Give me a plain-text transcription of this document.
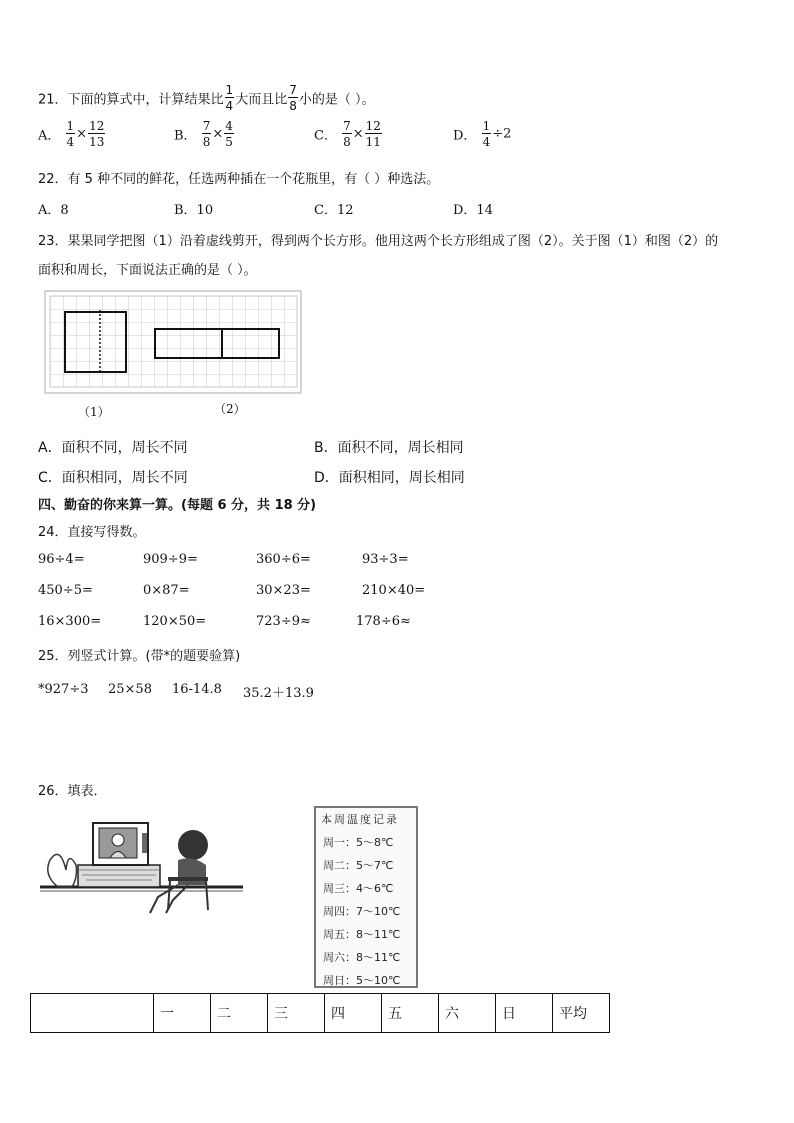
21．下面的算式中，计算结果比 $\frac{1}{4}$ 大而且比 $\frac{7}{8}$ 小的是（ ）。
A． $\frac{1}{4} \times \frac{12}{13}$	B． $\frac{7}{8} \times \frac{4}{5}$	C． $\frac{7}{8} \times \frac{12}{11}$	D． $\frac{1}{4} \div 2$
22．有 5 种不同的鲜花，任选两种插在一个花瓶里，有（ ）种选法。
A．8	B．10	C．12	D．14
23．果果同学把图（1）沿着虚线剪开，得到两个长方形。他用这两个长方形组成了图（2）。关于图（1）和图（2）的
面积和周长，下面说法正确的是（ ）。
（1）	（2）
A．面积不同，周长不同	B．面积不同，周长相同
C．面积相同，周长不同	D．面积相同，周长相同
四、勤奋的你来算一算。(每题 6 分，共 18 分)
24．直接写得数。
96÷4=	909÷9=	360÷6=	93÷3=
450÷5=	0×87=	30×23=	210×40=
16×300=	120×50=	723÷9≈	178÷6≈
25．列竖式计算。(带*的题要验算)
*927÷3 25×58 16-14.8 35.2＋13.9
26．填表．
本周温度记录
周一：5～8℃
周二：5～7℃
周三：4～6℃
周四：7～10℃
周五：8～11℃
周六：8～11℃
周日：5～10℃
	一	二	三	四	五	六	日	平均
